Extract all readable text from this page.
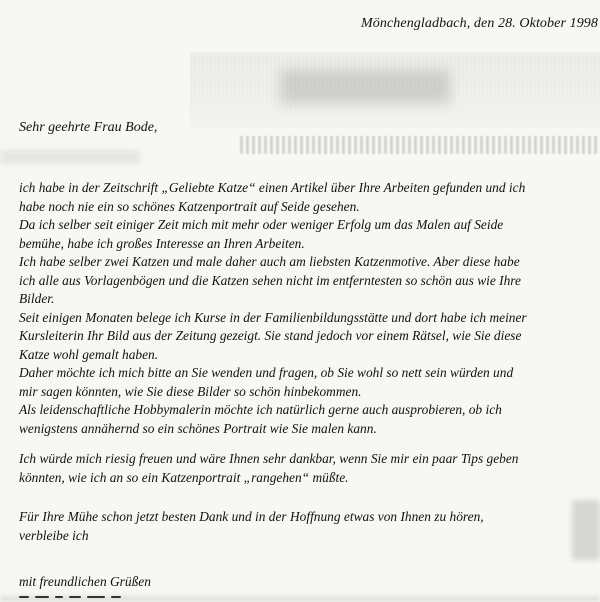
Mönchengladbach, den 28. Oktober 1998
Sehr geehrte Frau Bode,
ich habe in der Zeitschrift „Geliebte Katze“ einen Artikel über Ihre Arbeiten gefunden und ich
habe noch nie ein so schönes Katzenportrait auf Seide gesehen.
Da ich selber seit einiger Zeit mich mit mehr oder weniger Erfolg um das Malen auf Seide
bemühe, habe ich großes Interesse an Ihren Arbeiten.
Ich habe selber zwei Katzen und male daher auch am liebsten Katzenmotive. Aber diese habe
ich alle aus Vorlagenbögen und die Katzen sehen nicht im entferntesten so schön aus wie Ihre
Bilder.
Seit einigen Monaten belege ich Kurse in der Familienbildungsstätte und dort habe ich meiner
Kursleiterin Ihr Bild aus der Zeitung gezeigt. Sie stand jedoch vor einem Rätsel, wie Sie diese
Katze wohl gemalt haben.
Daher möchte ich mich bitte an Sie wenden und fragen, ob Sie wohl so nett sein würden und
mir sagen könnten, wie Sie diese Bilder so schön hinbekommen.
Als leidenschaftliche Hobbymalerin möchte ich natürlich gerne auch ausprobieren, ob ich
wenigstens annähernd so ein schönes Portrait wie Sie malen kann.
Ich würde mich riesig freuen und wäre Ihnen sehr dankbar, wenn Sie mir ein paar Tips geben
könnten, wie ich an so ein Katzenportrait „rangehen“ müßte.
Für Ihre Mühe schon jetzt besten Dank und in der Hoffnung etwas von Ihnen zu hören,
verbleibe ich
mit freundlichen Grüßen
